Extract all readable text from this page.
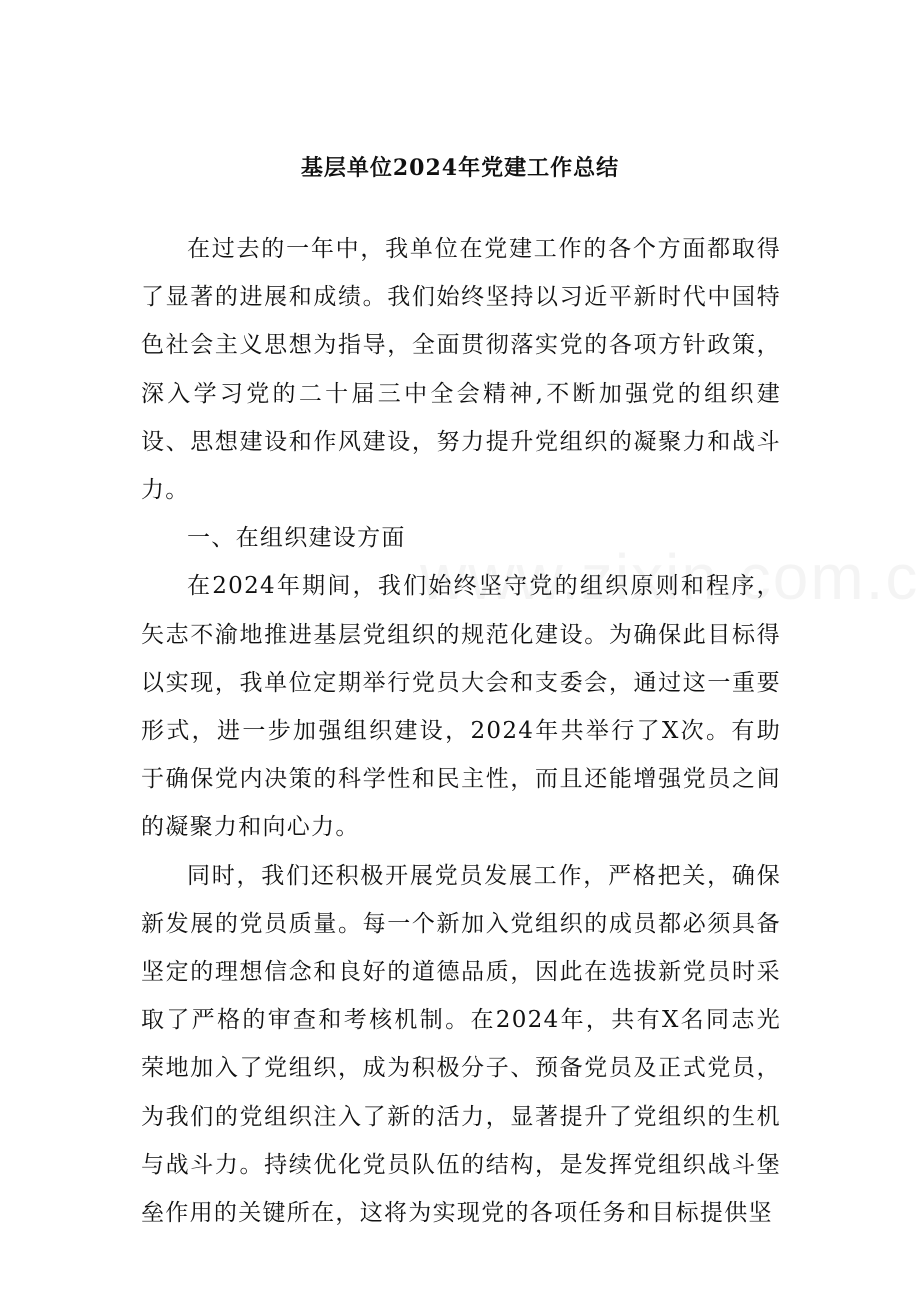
基层单位2024年党建工作总结

在过去的一年中，我单位在党建工作的各个方面都取得了显著的进展和成绩。我们始终坚持以习近平新时代中国特色社会主义思想为指导，全面贯彻落实党的各项方针政策，深入学习党的二十届三中全会精神,不断加强党的组织建设、思想建设和作风建设，努力提升党组织的凝聚力和战斗力。

一、在组织建设方面

在2024年期间，我们始终坚守党的组织原则和程序，矢志不渝地推进基层党组织的规范化建设。为确保此目标得以实现，我单位定期举行党员大会和支委会，通过这一重要形式，进一步加强组织建设，2024年共举行了X次。有助于确保党内决策的科学性和民主性，而且还能增强党员之间的凝聚力和向心力。

同时，我们还积极开展党员发展工作，严格把关，确保新发展的党员质量。每一个新加入党组织的成员都必须具备坚定的理想信念和良好的道德品质，因此在选拔新党员时采取了严格的审查和考核机制。在2024年，共有X名同志光荣地加入了党组织，成为积极分子、预备党员及正式党员，为我们的党组织注入了新的活力，显著提升了党组织的生机与战斗力。持续优化党员队伍的结构，是发挥党组织战斗堡垒作用的关键所在，这将为实现党的各项任务和目标提供坚
